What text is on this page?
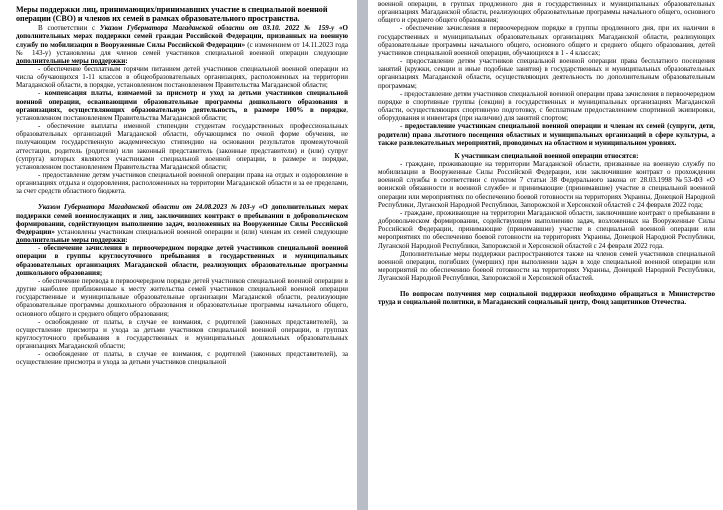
Меры поддержки лиц, принимающих/принимавших участие в специальной военной операции (СВО) и членов их семей в рамках образовательного пространства.

В соответствии с Указом Губернатора Магаданской области от 03.10. 2022 № 159-у «О дополнительных мерах поддержки семей граждан Российской Федерации, призванных на военную службу по мобилизации в Вооруженные Силы Российской Федерации» (с изменением от 14.11.2023 года № 143-у) установлены для членов семей участников специальной военной операции следующие дополнительные меры поддержки:

- обеспечение бесплатным горячим питанием детей участников специальной военной операции из числа обучающихся 1-11 классов в общеобразовательных организациях, расположенных на территории Магаданской области, в порядке, установленном постановлением Правительства Магаданской области;

- компенсация платы, взимаемой за присмотр и уход за детьми участников специальной военной операции, осваивающими образовательные программы дошкольного образования в организациях, осуществляющих образовательную деятельность, в размере 100% в порядке, установленном постановлением Правительства Магаданской области;

- обеспечение выплаты именной стипендии студентам государственных профессиональных образовательных организаций Магаданской области, обучающимся по очной форме обучения, не получающим государственную академическую стипендию на основании результатов промежуточной аттестации, родитель (родители) или законный представитель (законные представители) и (или) супруг (супруга) которых являются участниками специальной военной операции, в размере и порядке, установленном постановлением Правительства Магаданской области;

- предоставление детям участников специальной военной операции права на отдых и оздоровление в организациях отдыха и оздоровления, расположенных на территории Магаданской области и за ее пределами, за счет средств областного бюджета.

Указом Губернатора Магаданской области от 24.08.2023 №103-у «О дополнительных мерах поддержки семей военнослужащих и лиц, заключивших контракт о пребывании в добровольческом формировании, содействующем выполнению задач, возложенных на Вооруженные Силы Российской Федерации» установлены участникам специальной военной операции и (или) членам их семей следующие дополнительные меры поддержки:

- обеспечение зачисления в первоочередном порядке детей участников специальной военной операции в группы круглосуточного пребывания в государственных и муниципальных образовательных организациях Магаданской области, реализующих образовательные программы дошкольного образования;

- обеспечение перевода в первоочередном порядке детей участников специальной военной операции в другие наиболее приближенные к месту жительства семей участников специальной военной операции государственные и муниципальные образовательные организации Магаданской области, реализующие образовательные программы дошкольного образования и образовательные программы начального общего, основного общего и среднего общего образования;

- освобождение от платы, в случае ее взимания, с родителей (законных представителей), за осуществление присмотра и ухода за детьми участников специальной военной операции, в группах круглосуточного пребывания в государственных и муниципальных дошкольных образовательных организациях Магаданской области;

- освобождение от платы, в случае ее взимания, с родителей (законных представителей), за осуществление присмотра и ухода за детьми участников специальной

военной операции, в группах продленного дня в государственных и муниципальных образовательных организациях Магаданской области, реализующих образовательные программы начального общего, основного общего и среднего общего образования;

- обеспечение зачисления в первоочередном порядке в группы продленного дня, при их наличии в государственных и муниципальных образовательных организациях Магаданской области, реализующих образовательные программы начального общего, основного общего и среднего общего образования, детей участников специальной военной операции, обучающихся в 1 - 4 классах;

- предоставление детям участников специальной военной операции права бесплатного посещения занятий (кружки, секции и иные подобные занятия) в государственных и муниципальных образовательных организациях Магаданской области, осуществляющих деятельность по дополнительным образовательным программам;

- предоставление детям участников специальной военной операции права зачисления в первоочередном порядке в спортивные группы (секции) в государственных и муниципальных организациях Магаданской области, осуществляющих спортивную подготовку, с бесплатным предоставлением спортивной экипировки, оборудования и инвентаря (при наличии) для занятий спортом;

- предоставление участникам специальной военной операции и членам их семей (супруги, дети, родители) права льготного посещения областных и муниципальных организаций в сфере культуры, а также развлекательных мероприятий, проводимых на областном и муниципальном уровнях.

К участникам специальной военной операции относятся:

- граждане, проживающие на территории Магаданской области, призванные на военную службу по мобилизации в Вооруженные Силы Российской Федерации, или заключившие контракт о прохождении военной службы в соответствии с пунктом 7 статьи 38 Федерального закона от 28.03.1998 №53-ФЗ «О воинской обязанности и военной службе» и принимающие (принимавшие) участие в специальной военной операции или мероприятиях по обеспечению боевой готовности на территориях Украины, Донецкой Народной Республики, Луганской Народной Республики, Запорожской и Херсонской областей с 24 февраля 2022 года;

- граждане, проживающие на территории Магаданской области, заключившие контракт о пребывании в добровольческом формировании, содействующем выполнению задач, возложенных на Вооруженные Силы Российской Федерации, принимающие (принимавшие) участие в специальной военной операции или мероприятиях по обеспечению боевой готовности на территориях Украины, Донецкой Народной Республики, Луганской Народной Республики, Запорожской и Херсонской областей с 24 февраля 2022 года.

Дополнительные меры поддержки распространяются также на членов семей участников специальной военной операции, погибших (умерших) при выполнении задач в ходе специальной военной операции или мероприятий по обеспечению боевой готовности на территориях Украины, Донецкой Народной Республики, Луганской Народной Республики, Запорожской и Херсонской областей.

По вопросам получения мер социальной поддержки необходимо обращаться в Министерство труда и социальной политики, в Магаданский социальный центр, Фонд защитников Отечества.
